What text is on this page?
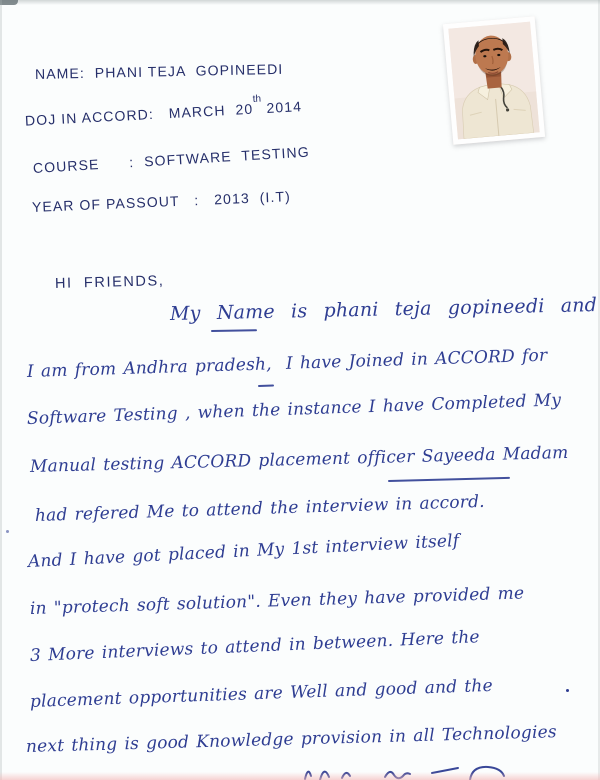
NAME:  PHANI TEJA  GOPINEEDI
DOJ IN ACCORD:   MARCH  20th 2014
COURSE      :  SOFTWARE  TESTING
YEAR OF PASSOUT   :   2013  (I.T)
HI  FRIENDS,
My Name is phani teja gopineedi and
I am from Andhra pradesh,  I have Joined in ACCORD for
Software Testing , when the instance I have Completed My
Manual testing ACCORD placement officer Sayeeda Madam
had refered Me to attend the interview in accord.
And I have got placed in My 1st interview itself
in "protech soft solution". Even they have provided me
3 More interviews to attend in between. Here the
placement opportunities are Well and good and the
next thing is good Knowledge provision in all Technologies
